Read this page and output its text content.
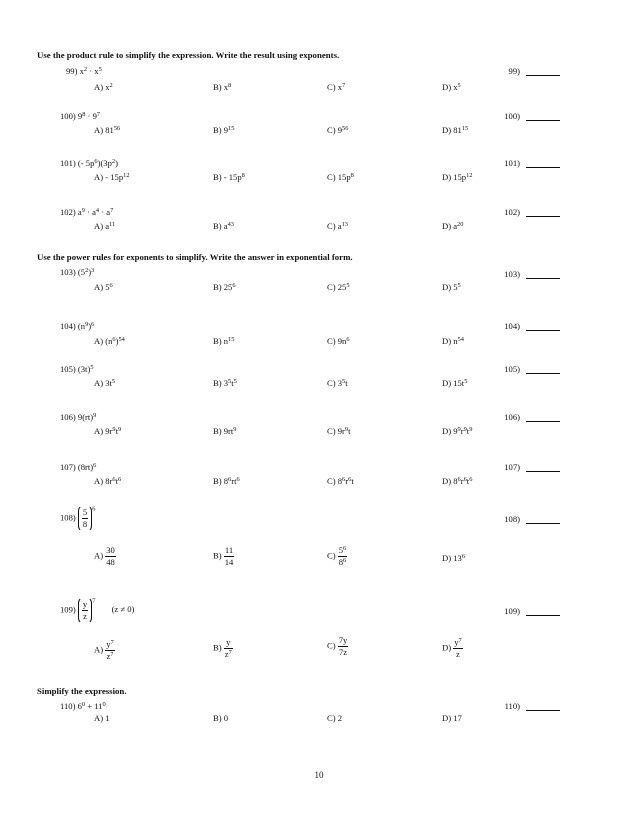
Use the product rule to simplify the expression. Write the result using exponents.
99) $x^2 \cdot x^5$	99)
A) $x^2$	B) $x^8$	C) $x^7$	D) $x^5$
100) $9^8 \cdot 9^7$	100)
A) $81^{56}$	B) $9^{15}$	C) $9^{56}$	D) $81^{15}$
101) (- $5p^6)(3p^2)$	101)
$A) - 15p^{12}$	$B) - 15p^8$	C) $15p^8$	D) $15p^{12}$
102) $a^9 \cdot a^4 \cdot a^7$	102)
A) $a^{11}$	B) $a^{43}$	C) $a^{13}$	D) $a^{20}$
Use the power rules for exponents to simplify. Write the answer in exponential form.
103) $(5^2)^3$	103)
A) $5^6$	B) $25^6$	C) $25^5$	D) $5^5$
104) $(n^9)^6$	104)
A) $(n^6)^{54}$	B) $n^{15}$	C) $9n^6$	D) $n^{54}$
105) $(3t)^5$	105)
A) $3t^5$	B) $3^5t^5$	C) $3^5t$	D) $15t^5$
106) 9(rt)$^9$	106)
A) $9r^9t^9$	B) $9rt^9$	C) $9r^9t$	D) $9^9r^9t^9$
107) $(8rt)^6$	107)
A) $8r^6t^6$	B) $8^6rt^6$	C) $8^6r^6t$	D) $8^6r^6t^6$
$108) \frac{5}{8} ^6$
108)
$A) \frac{30}{48}$	$B) \frac{11}{14}$	$C) \frac{5^6}{8^6}$	D) $13^6$
$109) \frac{y}{z} ^7$ (z ≠ 0)	109)
$A) \frac{y^7}{z^7}$	$B) \frac{y}{z^7}$	$C) \frac{7y}{7z}$	$D) \frac{y^7}{z}$
Simplify the expression.
110) $6^0 + 11^0$	110)
A) 1	B) 0	C) 2	D) 17
10
